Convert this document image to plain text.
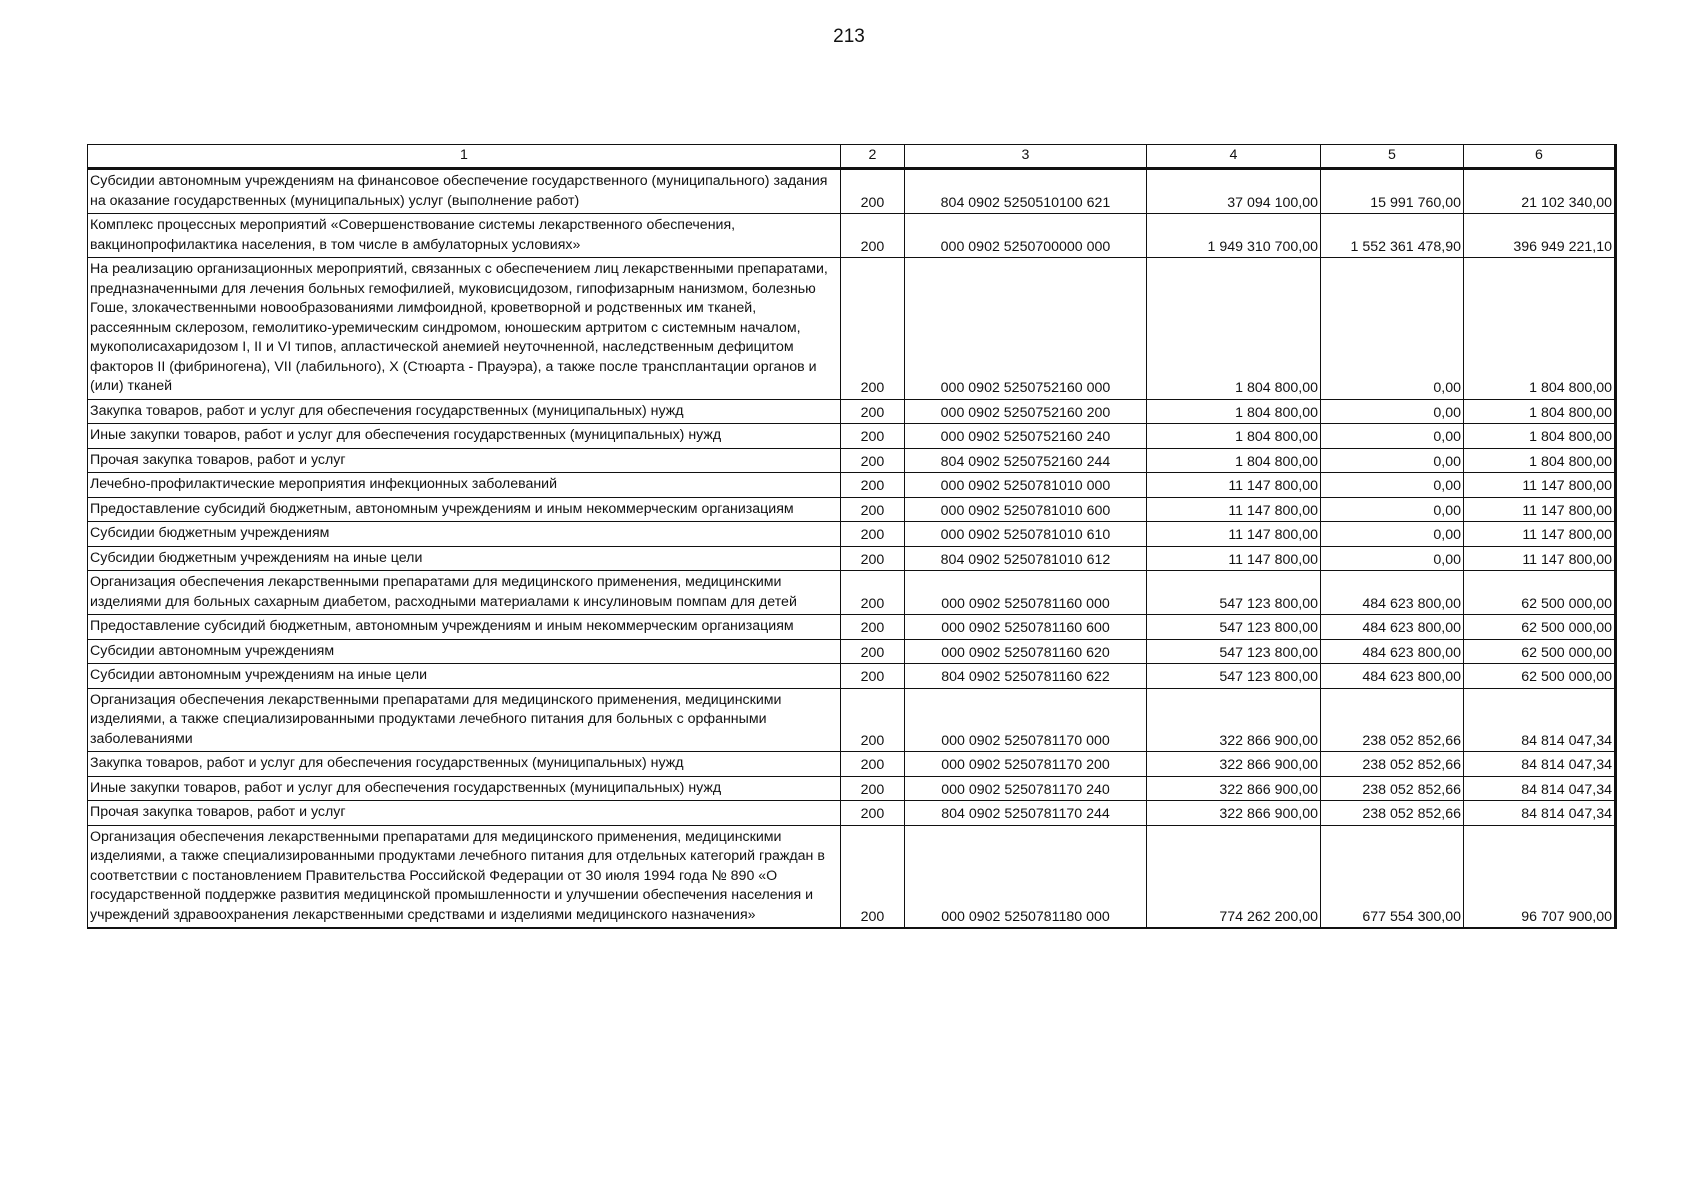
213
1	2	3	4	5	6
Субсидии автономным учреждениям на финансовое обеспечение государственного (муниципального) задания на оказание государственных (муниципальных) услуг (выполнение работ)	200	804 0902 5250510100 621	37 094 100,00	15 991 760,00	21 102 340,00
Комплекс процессных мероприятий «Совершенствование системы лекарственного обеспечения, вакцинопрофилактика населения, в том числе в амбулаторных условиях»	200	000 0902 5250700000 000	1 949 310 700,00	1 552 361 478,90	396 949 221,10
На реализацию организационных мероприятий, связанных с обеспечением лиц лекарственными препаратами, предназначенными для лечения больных гемофилией, муковисцидозом, гипофизарным нанизмом, болезнью Гоше, злокачественными новообразованиями лимфоидной, кроветворной и родственных им тканей, рассеянным склерозом, гемолитико-уремическим синдромом, юношеским артритом с системным началом, мукополисахаридозом I, II и VI типов, апластической анемией неуточненной, наследственным дефицитом факторов II (фибриногена), VII (лабильного), X (Стюарта - Прауэра), а также после трансплантации органов и (или) тканей	200	000 0902 5250752160 000	1 804 800,00	0,00	1 804 800,00
Закупка товаров, работ и услуг для обеспечения государственных (муниципальных) нужд	200	000 0902 5250752160 200	1 804 800,00	0,00	1 804 800,00
Иные закупки товаров, работ и услуг для обеспечения государственных (муниципальных) нужд	200	000 0902 5250752160 240	1 804 800,00	0,00	1 804 800,00
Прочая закупка товаров, работ и услуг	200	804 0902 5250752160 244	1 804 800,00	0,00	1 804 800,00
Лечебно-профилактические мероприятия инфекционных заболеваний	200	000 0902 5250781010 000	11 147 800,00	0,00	11 147 800,00
Предоставление субсидий бюджетным, автономным учреждениям и иным некоммерческим организациям	200	000 0902 5250781010 600	11 147 800,00	0,00	11 147 800,00
Субсидии бюджетным учреждениям	200	000 0902 5250781010 610	11 147 800,00	0,00	11 147 800,00
Субсидии бюджетным учреждениям на иные цели	200	804 0902 5250781010 612	11 147 800,00	0,00	11 147 800,00
Организация обеспечения лекарственными препаратами для медицинского применения, медицинскими изделиями для больных сахарным диабетом, расходными материалами к инсулиновым помпам для детей	200	000 0902 5250781160 000	547 123 800,00	484 623 800,00	62 500 000,00
Предоставление субсидий бюджетным, автономным учреждениям и иным некоммерческим организациям	200	000 0902 5250781160 600	547 123 800,00	484 623 800,00	62 500 000,00
Субсидии автономным учреждениям	200	000 0902 5250781160 620	547 123 800,00	484 623 800,00	62 500 000,00
Субсидии автономным учреждениям на иные цели	200	804 0902 5250781160 622	547 123 800,00	484 623 800,00	62 500 000,00
Организация обеспечения лекарственными препаратами для медицинского применения, медицинскими изделиями, а также специализированными продуктами лечебного питания для больных с орфанными заболеваниями	200	000 0902 5250781170 000	322 866 900,00	238 052 852,66	84 814 047,34
Закупка товаров, работ и услуг для обеспечения государственных (муниципальных) нужд	200	000 0902 5250781170 200	322 866 900,00	238 052 852,66	84 814 047,34
Иные закупки товаров, работ и услуг для обеспечения государственных (муниципальных) нужд	200	000 0902 5250781170 240	322 866 900,00	238 052 852,66	84 814 047,34
Прочая закупка товаров, работ и услуг	200	804 0902 5250781170 244	322 866 900,00	238 052 852,66	84 814 047,34
Организация обеспечения лекарственными препаратами для медицинского применения, медицинскими изделиями, а также специализированными продуктами лечебного питания для отдельных категорий граждан в соответствии с постановлением Правительства Российской Федерации от 30 июля 1994 года № 890 «О государственной поддержке развития медицинской промышленности и улучшении обеспечения населения и учреждений здравоохранения лекарственными средствами и изделиями медицинского назначения»	200	000 0902 5250781180 000	774 262 200,00	677 554 300,00	96 707 900,00
